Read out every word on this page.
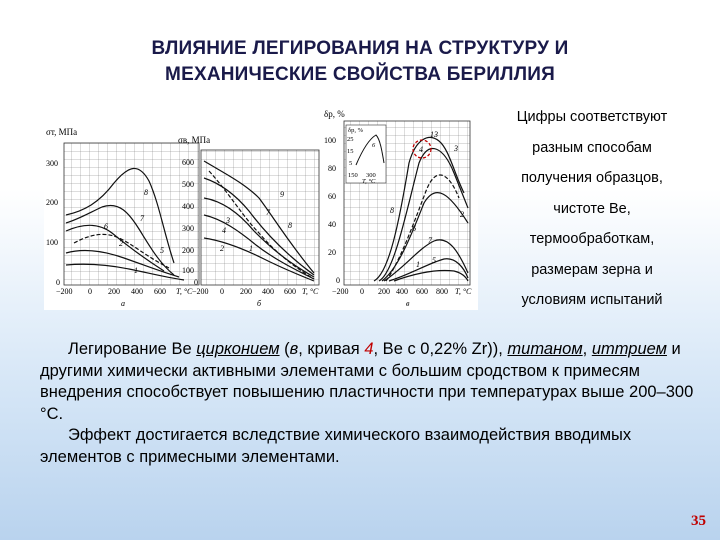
ВЛИЯНИЕ ЛЕГИРОВАНИЯ НА СТРУКТУРУ И
МЕХАНИЧЕСКИЕ СВОЙСТВА БЕРИЛЛИЯ
σт, МПа
300
200
100
0
−200 0 200 400 600 T, °C
а
8
7
6
5
2
1
σв, МПа
600
500
400
300
200
100
0
−200 0 200 400 600 T, °C
б
9
8
7
4
3
2	1
δр, %
100
80
60
40
20
0
−200 0 200 400 600 800 T, °C
в
δр, %
25
15
5
150 300
T, °C
6
13
4	3
2
6
7
5
1
8
Цифры соответствуют
разным способам
получения образцов,
чистоте Ве,
термообработкам,
размерам зерна и
условиям испытаний

Легирование Be цирконием (в, кривая 4, Be с 0,22% Zr)), титаном, иттрием и другими химически активными элементами с большим сродством к примесям внедрения способствует повышению пластичности при температурах выше 200–300 °С.

Эффект достигается вследствие химического взаимодействия вводимых элементов с примесными элементами.

35
